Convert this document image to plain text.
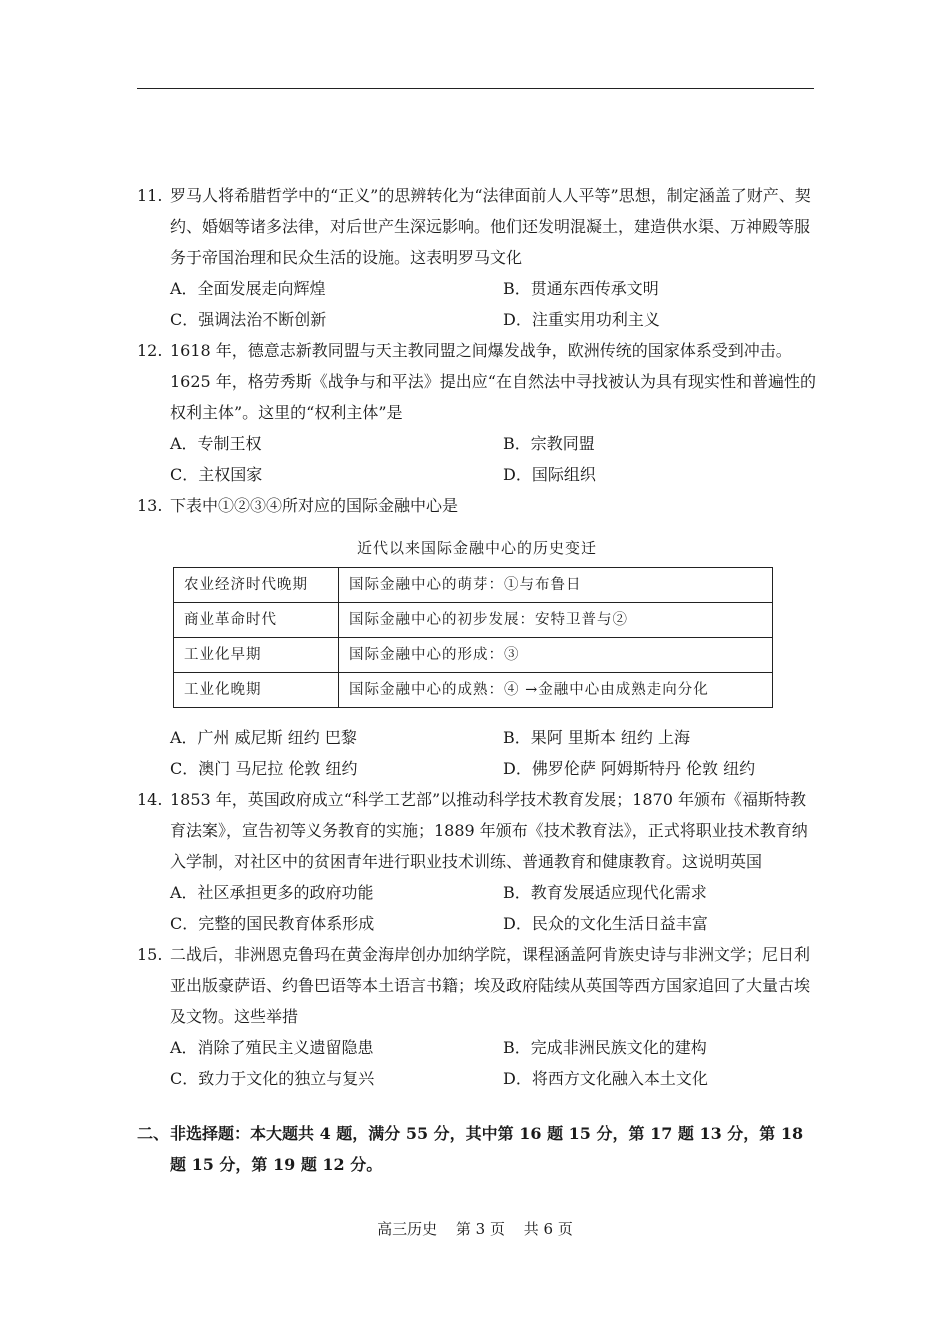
11. 罗马人将希腊哲学中的“正义”的思辨转化为“法律面前人人平等”思想，制定涵盖了财产、契约、婚姻等诸多法律，对后世产生深远影响。他们还发明混凝土，建造供水渠、万神殿等服务于帝国治理和民众生活的设施。这表明罗马文化
A．全面发展走向辉煌	B．贯通东西传承文明
C．强调法治不断创新	D．注重实用功利主义
12. 1618 年，德意志新教同盟与天主教同盟之间爆发战争，欧洲传统的国家体系受到冲击。1625 年，格劳秀斯《战争与和平法》提出应“在自然法中寻找被认为具有现实性和普遍性的权利主体”。这里的“权利主体”是
A．专制王权	B．宗教同盟
C．主权国家	D．国际组织
13. 下表中①②③④所对应的国际金融中心是
近代以来国际金融中心的历史变迁
农业经济时代晚期	国际金融中心的萌芽：①与布鲁日
商业革命时代	国际金融中心的初步发展：安特卫普与②
工业化早期	国际金融中心的形成：③
工业化晚期	国际金融中心的成熟：④ →金融中心由成熟走向分化
A．广州 威尼斯 纽约 巴黎	B．果阿 里斯本 纽约 上海
C．澳门 马尼拉 伦敦 纽约	D．佛罗伦萨 阿姆斯特丹 伦敦 纽约
14. 1853 年，英国政府成立“科学工艺部”以推动科学技术教育发展；1870 年颁布《福斯特教育法案》，宣告初等义务教育的实施；1889 年颁布《技术教育法》，正式将职业技术教育纳入学制，对社区中的贫困青年进行职业技术训练、普通教育和健康教育。这说明英国
A．社区承担更多的政府功能	B．教育发展适应现代化需求
C．完整的国民教育体系形成	D．民众的文化生活日益丰富
15. 二战后，非洲恩克鲁玛在黄金海岸创办加纳学院，课程涵盖阿肯族史诗与非洲文学；尼日利亚出版豪萨语、约鲁巴语等本土语言书籍；埃及政府陆续从英国等西方国家追回了大量古埃及文物。这些举措
A．消除了殖民主义遗留隐患	B．完成非洲民族文化的建构
C．致力于文化的独立与复兴	D．将西方文化融入本土文化
二、 非选择题：本大题共 4 题，满分 55 分，其中第 16 题 15 分，第 17 题 13 分，第 18 题 15 分，第 19 题 12 分。
高三历史 第 3 页 共 6 页
